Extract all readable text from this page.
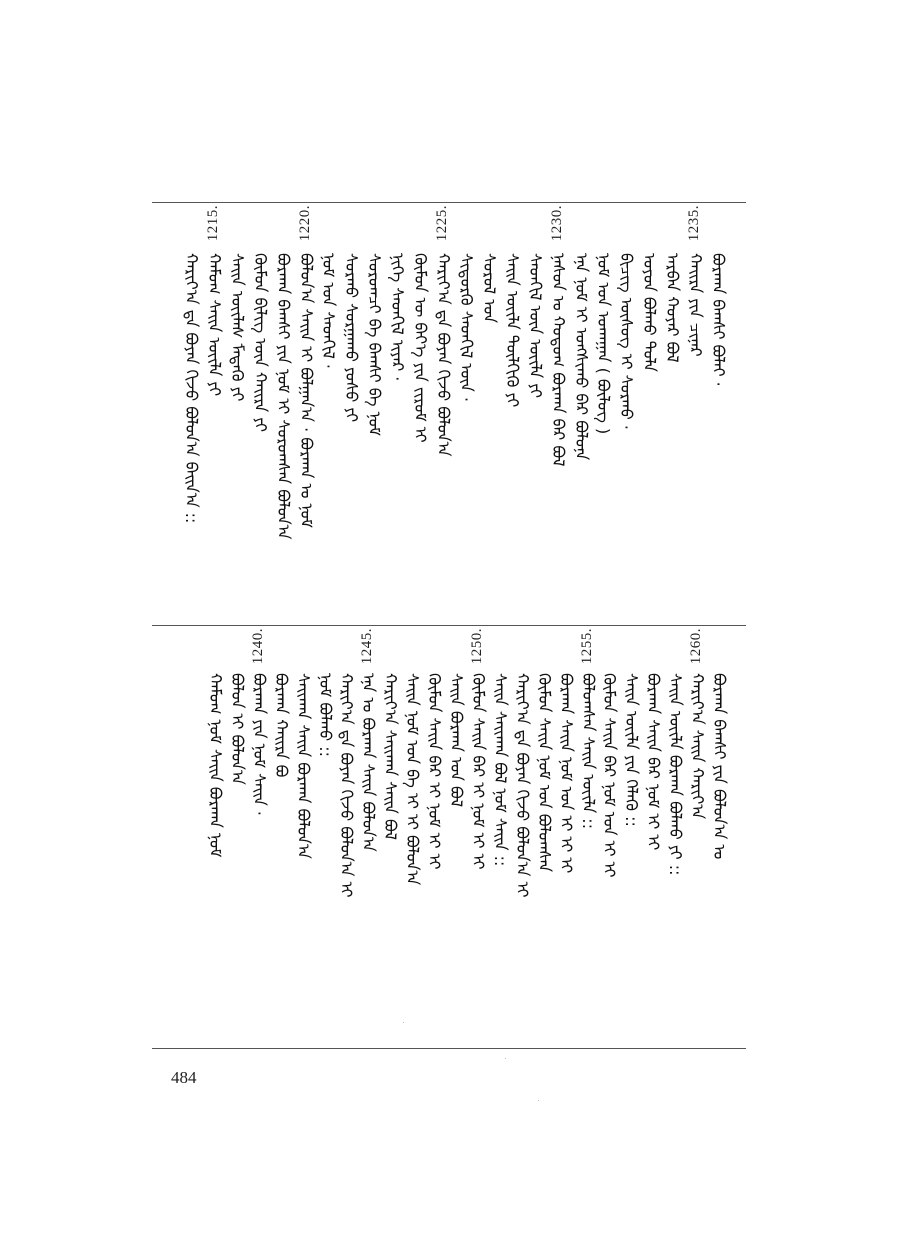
ᠪᠤᠷᠬᠠᠨ ᠪᠠᠭᠰᠢ ᠪᠣᠯᠠᠢ ·
1235.
ᠬᠠᠢᠷᠠ ᠶᠢᠨ ᠴᠢᠨᠠᠷ
ᠠᠷᠪᠠᠨ ᠬᠣᠶᠠᠷ ᠪᠣᠯ
ᠣᠶᠤᠨ ᠪᠣᠯᠬᠤ ᠲᠤᠯᠠ
ᠪᠢᠴᠢᠭ ᠦᠰᠦᠭ ᠢ ᠰᠤᠷᠬᠤ ·
ᠨᠣᠮ ᠤᠨ ᠤᠬᠠᠭᠠᠨ ( ᠪᠦᠯᠦᠭ )
ᠡᠨᠡ ᠨᠣᠮ ᠢ ᠤᠩᠰᠢᠬᠤ ᠪᠠᠷ ᠪᠣᠯᠣᠨᠠ
1230.
ᠨᠠᠰᠤᠨ ᠤ ᠬᠤᠲᠤᠭ ᠪᠤᠷᠬᠠᠨ ᠪᠠᠷ ᠪᠣᠯ
ᠰᠡᠳᠬᠢᠯ ᠦᠨ ᠦᠢᠯᠡ ᠶᠢ
ᠰᠠᠢᠨ ᠦᠢᠯᠡ ᠲᠦᠯᠬᠢᠬᠦ ᠶᠢ
ᠰᠤᠷᠤᠯ ᠤᠨ
ᠰᠢᠳᠦᠷᠭᠦ ᠰᠡᠳᠬᠢᠯ ᠦᠨ ·
1225.
ᠬᠠᠷᠢᠶ᠎ᠠ ᠳᠠ ᠪᠤᠶᠠᠨ ᠬᠢᠵᠦ ᠪᠣᠯᠤᠨ᠎ᠠ
ᠬᠦᠮᠦᠨ ᠦ ᠪᠡᠶ᠎ᠡ ᠶᠢᠨ ᠵᠢᠷᠤᠮ ᠢ
ᠨᠢᠭᠡ ᠰᠡᠳᠬᠢᠯ ᠢᠶᠡᠷ ·
ᠰᠤᠷᠤᠭᠴᠢ ᠪᠠ ᠪᠠᠭᠰᠢ ᠪᠠ ᠨᠣᠮ
ᠰᠤᠷᠬᠤ ᠰᠤᠷᠭᠠᠬᠤ ᠶᠣᠰᠤ ᠶᠢ
ᠨᠣᠮ ᠤᠨ ᠰᠡᠳᠬᠢᠯ ·
1220.
ᠪᠣᠯᠤᠨ᠎ᠠ ᠰᠠᠢᠨ ᠢ ᠪᠣᠯᠭᠠᠨ᠎ᠠ · ᠪᠤᠷᠬᠠᠨ ᠤ ᠨᠣᠮ
ᠪᠤᠷᠬᠠᠨ ᠪᠠᠭᠰᠢ ᠶᠢᠨ ᠨᠣᠮ ᠢ ᠰᠤᠷᠤᠭᠰᠠᠨ ᠪᠣᠯᠤᠨ᠎ᠠ
ᠬᠦᠮᠦᠨ ᠪᠢᠯᠢᠭ ᠦᠨ ᠬᠠᠢᠷᠠ ᠶᠢ
ᠰᠠᠢᠨ ᠦᠢᠯᠡᠰ ᠮᠡᠳᠡᠬᠦ ᠶᠢ
1215.
ᠬᠠᠮᠤᠭ ᠰᠠᠢᠨ ᠦᠢᠯᠡ ᠶᠢ
ᠬᠠᠷᠢᠶ᠎ᠠ ᠳᠠ ᠪᠤᠶᠠᠨ ᠬᠢᠵᠦ ᠪᠣᠯᠤᠨ᠎ᠠ ᠪᠠᠢᠨ᠎ᠠ ::
ᠪᠤᠷᠬᠠᠨ ᠪᠠᠭᠰᠢ ᠶᠢᠨ ᠪᠣᠯᠤᠨ᠎ᠠ ᠣ
1260.
ᠬᠠᠷᠢᠶ᠎ᠠ ᠰᠠᠢᠨ ᠬᠠᠷᠢᠶ᠎ᠠ
ᠰᠠᠢᠨ ᠦᠢᠯᠡ ᠪᠤᠷᠬᠠᠨ ᠪᠣᠯᠬᠤ ᠶᠢ ::
ᠪᠤᠷᠬᠠᠨ ᠰᠠᠢᠨ ᠪᠠᠷ ᠨᠣᠮ ᠢ ᠢ
ᠰᠠᠢᠨ ᠦᠢᠯᠡ ᠶᠢᠨ ᠬᠡᠯᠡᠬᠦ ::
ᠬᠦᠮᠦᠨ ᠰᠠᠢᠨ ᠪᠠᠷ ᠨᠣᠮ ᠤᠨ ᠢ ᠢ
1255.
ᠪᠣᠯᠤᠭᠰᠠᠨ ᠰᠠᠢᠨ ᠦᠢᠯᠡ ::
ᠪᠤᠷᠬᠠᠨ ᠰᠠᠢᠨ ᠨᠣᠮ ᠤᠨ ᠢ ᠢ ᠢ
ᠬᠦᠮᠦᠨ ᠰᠠᠢᠨ ᠨᠣᠮ ᠤᠨ ᠪᠣᠯᠤᠭᠰᠠᠨ
ᠬᠠᠷᠢᠶ᠎ᠠ ᠳᠠ ᠪᠤᠶᠠᠨ ᠬᠢᠵᠦ ᠪᠣᠯᠤᠨ᠎ᠠ ᠢ
ᠰᠠᠢᠨ ᠰᠠᠢᠬᠠᠨ ᠪᠣᠯ ᠨᠣᠮ ᠰᠠᠢᠨ ::
1250.
ᠬᠦᠮᠦᠨ ᠰᠠᠢᠨ ᠪᠠᠷ ᠢ ᠨᠣᠮ ᠢ ᠢ
ᠰᠠᠢᠨ ᠪᠤᠷᠬᠠᠨ ᠤᠨ ᠪᠣᠯ
ᠬᠦᠮᠦᠨ ᠰᠠᠢᠨ ᠪᠠᠷ ᠢ ᠨᠣᠮ ᠢ ᠢ
ᠰᠠᠢᠨ ᠨᠣᠮ ᠤᠨ ᠪᠠ ᠢ ᠢ ᠪᠣᠯᠤᠨ᠎ᠠ
ᠬᠠᠷᠢᠶ᠎ᠠ ᠰᠠᠢᠬᠠᠨ ᠰᠠᠢᠨ ᠪᠣᠯ
1245.
ᠡᠨᠡ ᠣ ᠪᠤᠷᠬᠠᠨ ᠰᠠᠢᠨ ᠪᠣᠯᠤᠨ᠎ᠠ
ᠬᠠᠷᠢᠶ᠎ᠠ ᠳᠠ ᠪᠤᠶᠠᠨ ᠬᠢᠵᠦ ᠪᠣᠯᠤᠨ᠎ᠠ ᠢ
ᠨᠣᠮ ᠪᠣᠯᠬᠤ ::
ᠰᠠᠢᠬᠠᠨ ᠰᠠᠢᠨ ᠪᠤᠷᠬᠠᠨ ᠪᠣᠯᠤᠨ᠎ᠠ
ᠪᠤᠷᠬᠠᠨ ᠬᠠᠢᠷᠠ ᠪᠣ
1240.
ᠪᠤᠷᠬᠠᠨ ᠶᠢᠨ ᠨᠣᠮ ᠰᠠᠢᠨ ·
ᠪᠣᠯᠤᠨ ᠢ ᠪᠣᠯᠤᠨ᠎ᠠ
ᠬᠠᠮᠤᠭ ᠨᠣᠮ ᠰᠠᠢᠨ ᠪᠤᠷᠬᠠᠨ ᠨᠣᠮ
484
